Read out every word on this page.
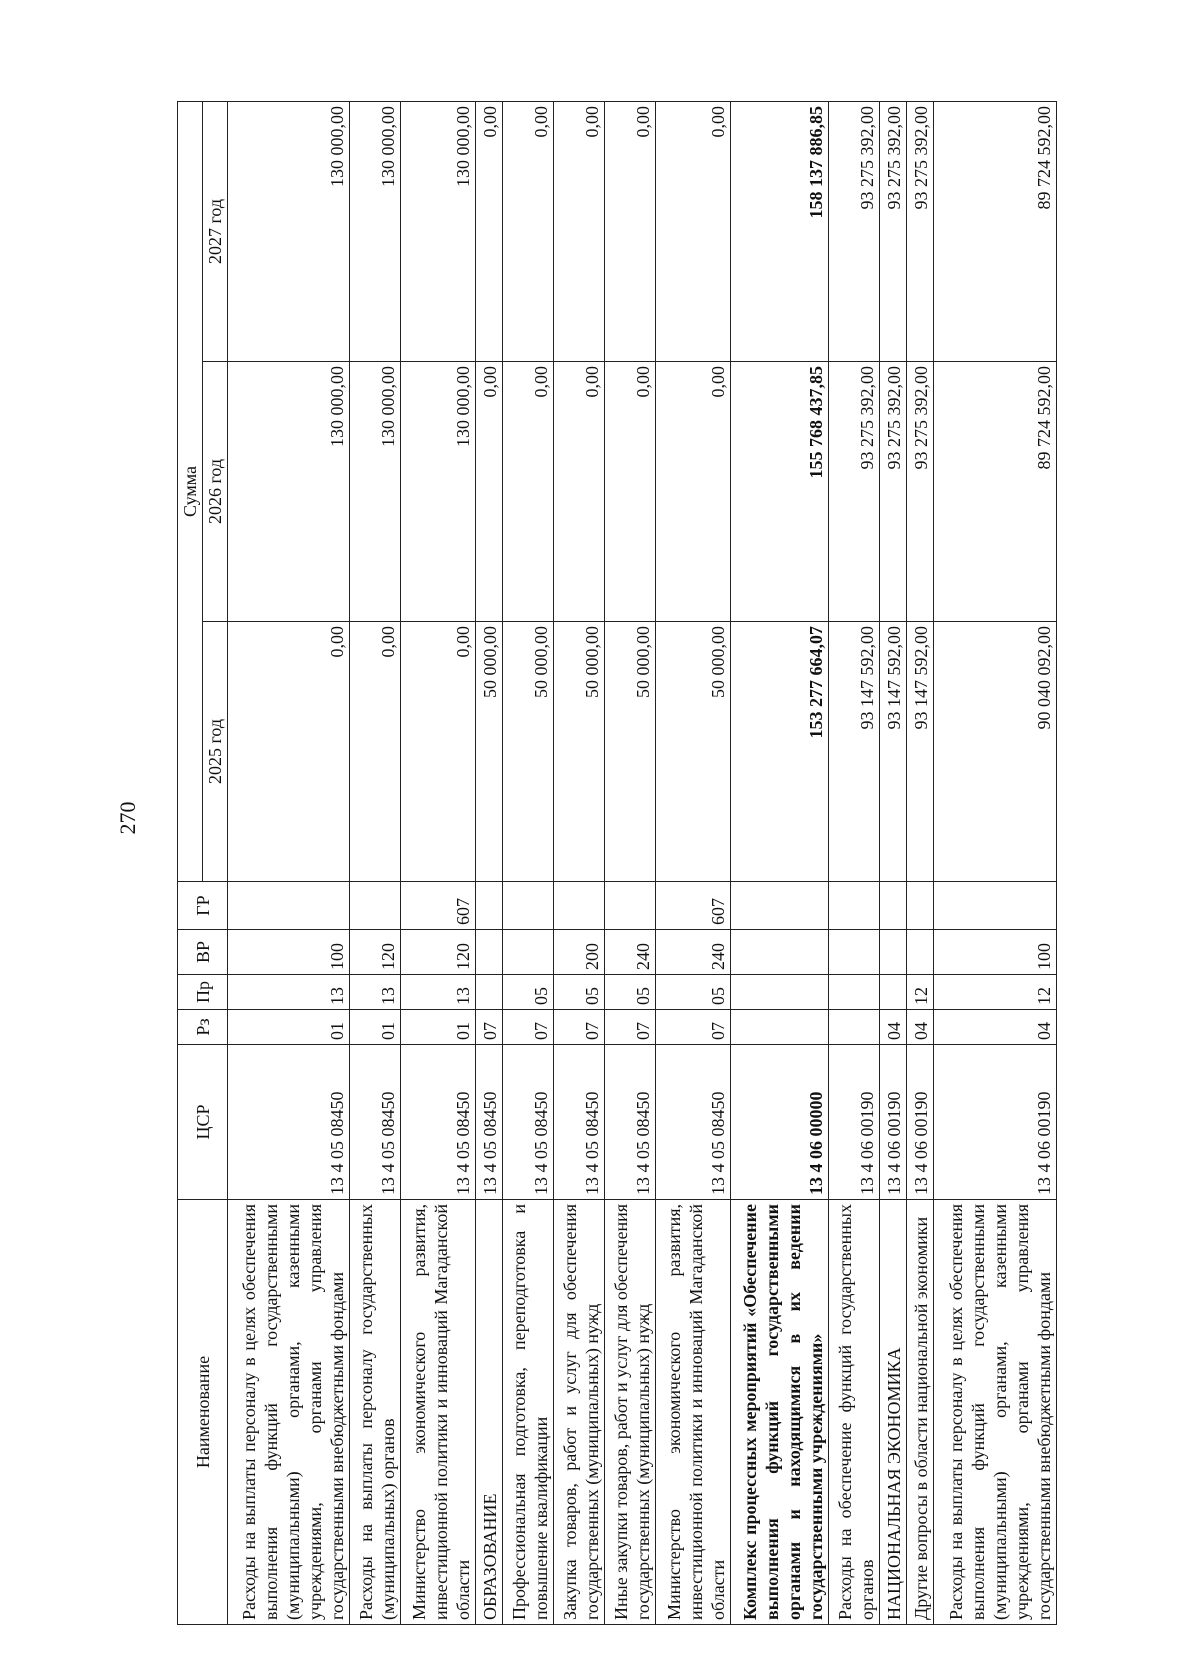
270
Наименование	ЦСР	Рз	Пр	ВР	ГР	Сумма		
						2025 год	2026 год	2027 год
Расходы на выплаты персоналу в целях обеспечения выполнения функций государственными (муниципальными) органами, казенными учреждениями, органами управления государственными внебюджетными фондами	13 4 05 08450	01	13	100		0,00	130 000,00	130 000,00
Расходы на выплаты персоналу государственных (муниципальных) органов	13 4 05 08450	01	13	120		0,00	130 000,00	130 000,00
Министерство экономического развития, инвестиционной политики и инноваций Магаданской области	13 4 05 08450	01	13	120	607	0,00	130 000,00	130 000,00
ОБРАЗОВАНИЕ	13 4 05 08450	07				50 000,00	0,00	0,00
Профессиональная подготовка, переподготовка и повышение квалификации	13 4 05 08450	07	05			50 000,00	0,00	0,00
Закупка товаров, работ и услуг для обеспечения государственных (муниципальных) нужд	13 4 05 08450	07	05	200		50 000,00	0,00	0,00
Иные закупки товаров, работ и услуг для обеспечения государственных (муниципальных) нужд	13 4 05 08450	07	05	240		50 000,00	0,00	0,00
Министерство экономического развития, инвестиционной политики и инноваций Магаданской области	13 4 05 08450	07	05	240	607	50 000,00	0,00	0,00
Комплекс процессных мероприятий «Обеспечение выполнения функций государственными органами и находящимися в их ведении государственными учреждениями»	13 4 06 00000					153 277 664,07	155 768 437,85	158 137 886,85
Расходы на обеспечение функций государственных органов	13 4 06 00190					93 147 592,00	93 275 392,00	93 275 392,00
НАЦИОНАЛЬНАЯ ЭКОНОМИКА	13 4 06 00190	04				93 147 592,00	93 275 392,00	93 275 392,00
Другие вопросы в области национальной экономики	13 4 06 00190	04	12			93 147 592,00	93 275 392,00	93 275 392,00
Расходы на выплаты персоналу в целях обеспечения выполнения функций государственными (муниципальными) органами, казенными учреждениями, органами управления государственными внебюджетными фондами	13 4 06 00190	04	12	100		90 040 092,00	89 724 592,00	89 724 592,00
